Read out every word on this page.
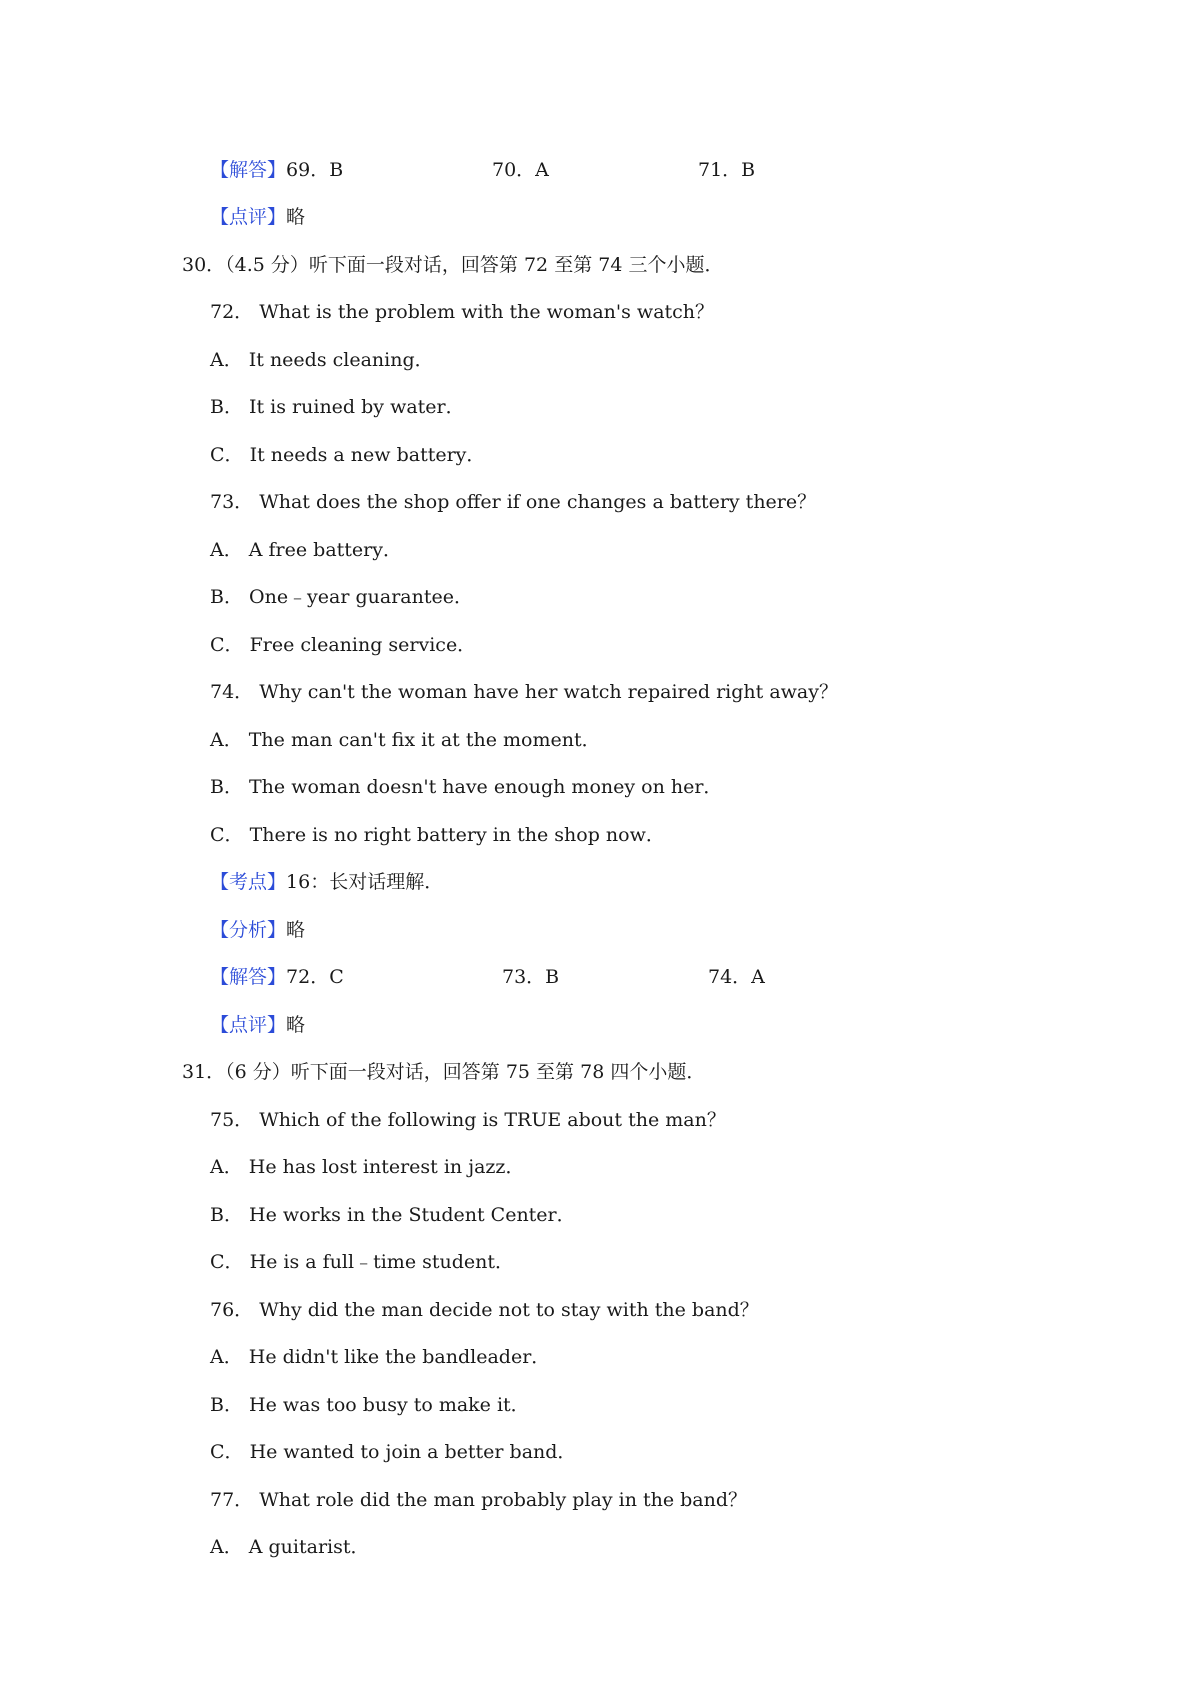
【解答】69．B	70．A	71．B
【点评】略
30．（4.5 分）听下面一段对话，回答第 72 至第 74 三个小题．
72． What is the problem with the woman's watch？
A． It needs cleaning．
B． It is ruined by water．
C． It needs a new battery．
73． What does the shop offer if one changes a battery there？
A． A free battery．
B． One﹣year guarantee．
C． Free cleaning service．
74． Why can't the woman have her watch repaired right away？
A． The man can't fix it at the moment．
B． The woman doesn't have enough money on her．
C． There is no right battery in the shop now．
【考点】16：长对话理解．
【分析】略
【解答】72．C	73．B	74．A
【点评】略
31．（6 分）听下面一段对话，回答第 75 至第 78 四个小题．
75． Which of the following is TRUE about the man？
A． He has lost interest in jazz．
B． He works in the Student Center．
C． He is a full﹣time student．
76． Why did the man decide not to stay with the band？
A． He didn't like the bandleader．
B． He was too busy to make it．
C． He wanted to join a better band．
77． What role did the man probably play in the band？
A． A guitarist．
